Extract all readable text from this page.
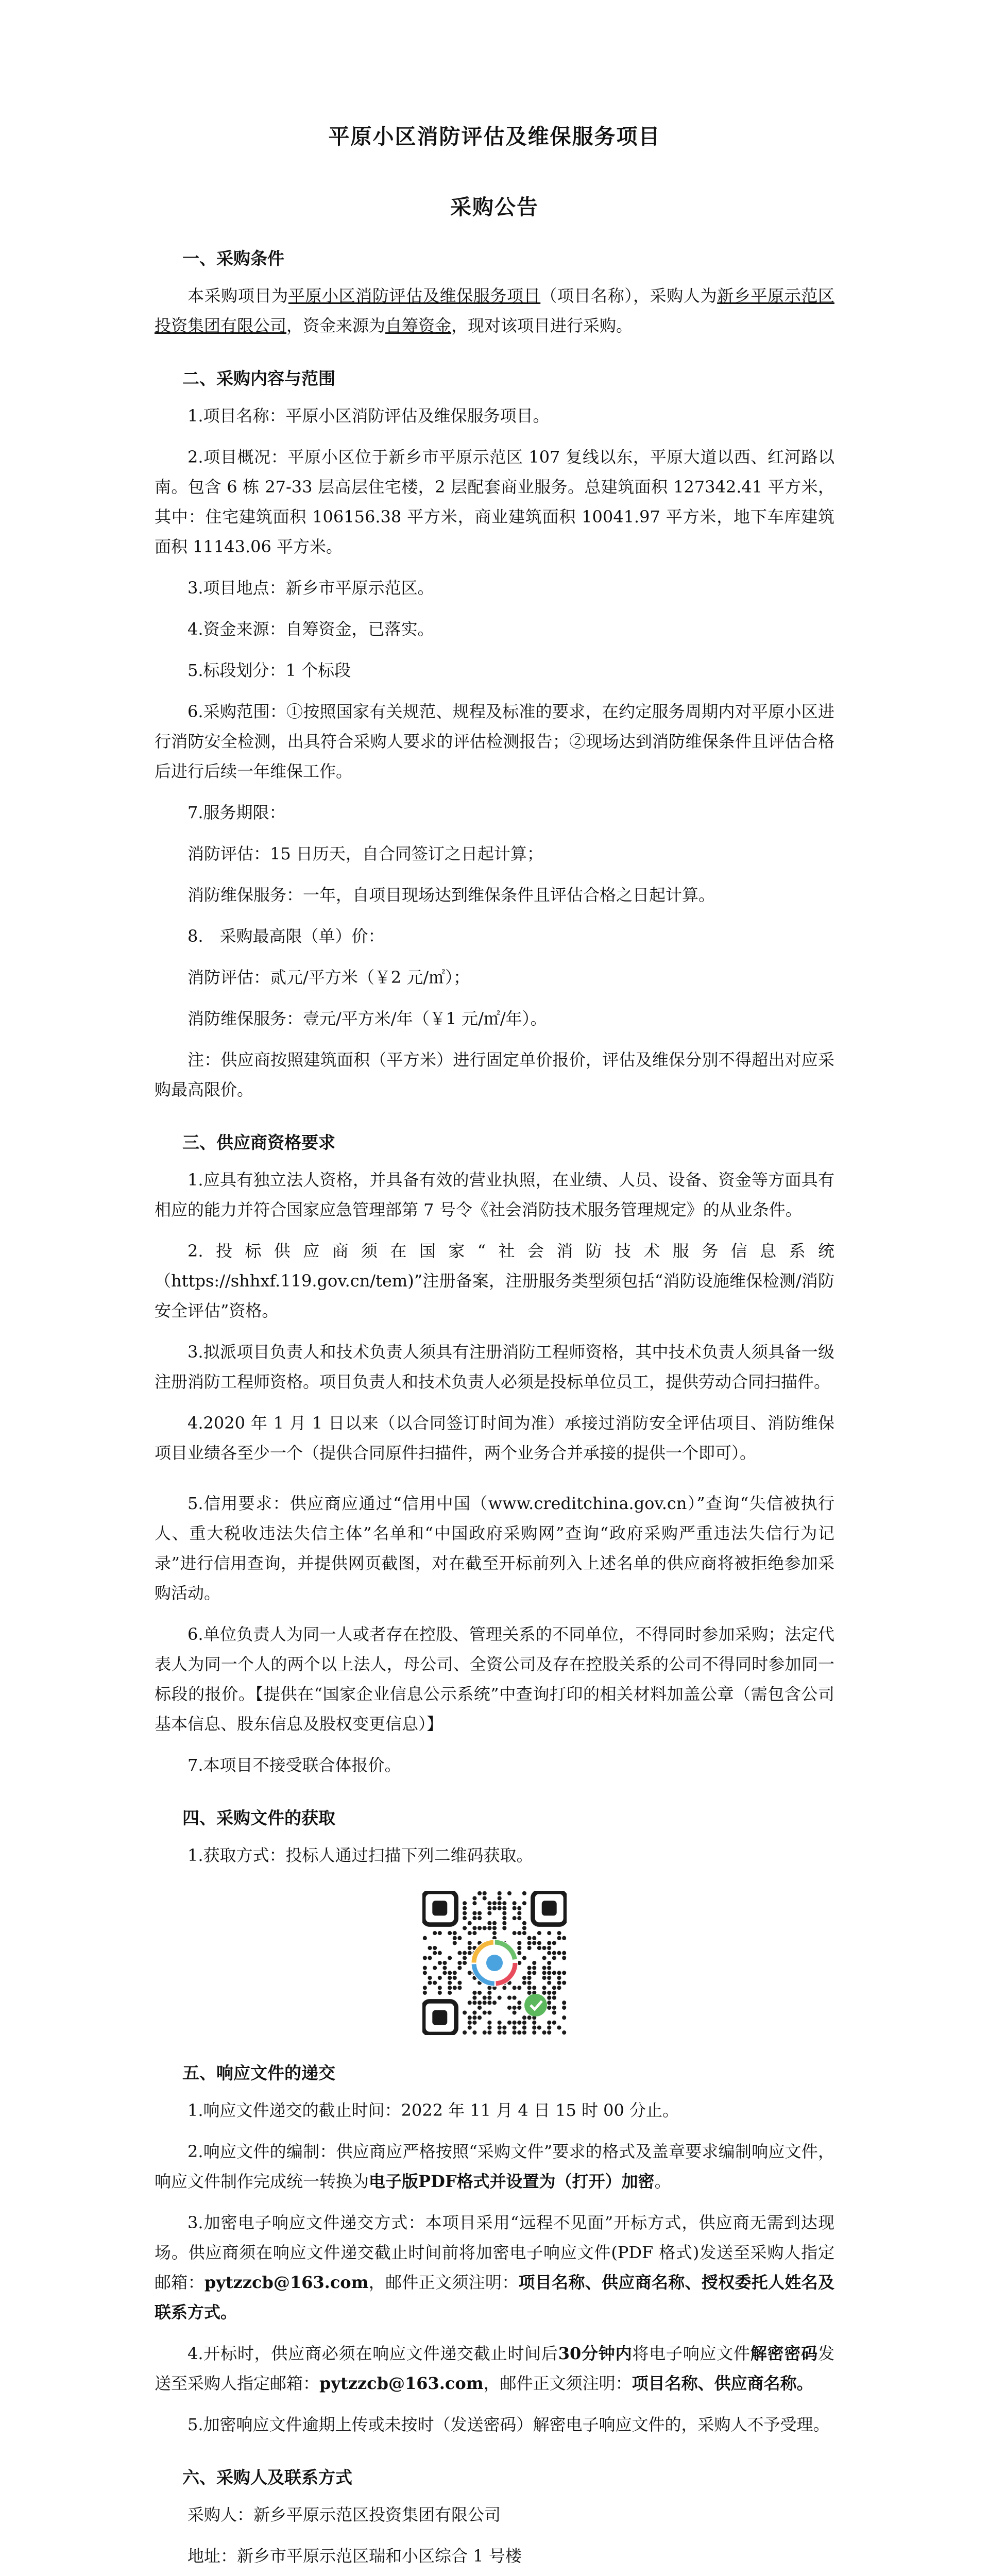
平原小区消防评估及维保服务项目
采购公告
一、采购条件

本采购项目为平原小区消防评估及维保服务项目（项目名称），采购人为新乡平原示范区投资集团有限公司，资金来源为自筹资金，现对该项目进行采购。

二、采购内容与范围

1.项目名称：平原小区消防评估及维保服务项目。

2.项目概况：平原小区位于新乡市平原示范区 107 复线以东，平原大道以西、红河路以南。包含 6 栋 27-33 层高层住宅楼，2 层配套商业服务。总建筑面积 127342.41 平方米，其中：住宅建筑面积 106156.38 平方米，商业建筑面积 10041.97 平方米，地下车库建筑面积 11143.06 平方米。

3.项目地点：新乡市平原示范区。

4.资金来源：自筹资金，已落实。

5.标段划分：1 个标段

6.采购范围：①按照国家有关规范、规程及标准的要求，在约定服务周期内对平原小区进行消防安全检测，出具符合采购人要求的评估检测报告；②现场达到消防维保条件且评估合格后进行后续一年维保工作。

7.服务期限：

消防评估：15 日历天，自合同签订之日起计算；

消防维保服务：一年，自项目现场达到维保条件且评估合格之日起计算。

8.　采购最高限（单）价：

消防评估：贰元/平方米（￥2 元/㎡）；

消防维保服务：壹元/平方米/年（￥1 元/㎡/年）。

注：供应商按照建筑面积（平方米）进行固定单价报价，评估及维保分别不得超出对应采购最高限价。

三、供应商资格要求

1.应具有独立法人资格，并具备有效的营业执照，在业绩、人员、设备、资金等方面具有相应的能力并符合国家应急管理部第 7 号令《社会消防技术服务管理规定》的从业条件。

2.投标供应商须在国家“社会消防技术服务信息系统（https://shhxf.119.gov.cn/tem)”注册备案，注册服务类型须包括“消防设施维保检测/消防安全评估”资格。

3.拟派项目负责人和技术负责人须具有注册消防工程师资格，其中技术负责人须具备一级注册消防工程师资格。项目负责人和技术负责人必须是投标单位员工，提供劳动合同扫描件。

4.2020 年 1 月 1 日以来（以合同签订时间为准）承接过消防安全评估项目、消防维保项目业绩各至少一个（提供合同原件扫描件，两个业务合并承接的提供一个即可）。

5.信用要求：供应商应通过“信用中国（www.creditchina.gov.cn）”查询“失信被执行人、重大税收违法失信主体”名单和“中国政府采购网”查询“政府采购严重违法失信行为记录”进行信用查询，并提供网页截图，对在截至开标前列入上述名单的供应商将被拒绝参加采购活动。

6.单位负责人为同一人或者存在控股、管理关系的不同单位，不得同时参加采购；法定代表人为同一个人的两个以上法人，母公司、全资公司及存在控股关系的公司不得同时参加同一标段的报价。【提供在“国家企业信息公示系统”中查询打印的相关材料加盖公章（需包含公司基本信息、股东信息及股权变更信息）】

7.本项目不接受联合体报价。

四、采购文件的获取

1.获取方式：投标人通过扫描下列二维码获取。

五、响应文件的递交

1.响应文件递交的截止时间：2022 年 11 月 4 日 15 时 00 分止。

2.响应文件的编制：供应商应严格按照“采购文件”要求的格式及盖章要求编制响应文件，响应文件制作完成统一转换为电子版PDF格式并设置为（打开）加密。

3.加密电子响应文件递交方式：本项目采用“远程不见面”开标方式，供应商无需到达现场。供应商须在响应文件递交截止时间前将加密电子响应文件(PDF 格式)发送至采购人指定邮箱：pytzzcb@163.com，邮件正文须注明：项目名称、供应商名称、授权委托人姓名及联系方式。

4.开标时，供应商必须在响应文件递交截止时间后30分钟内将电子响应文件解密密码发送至采购人指定邮箱：pytzzcb@163.com，邮件正文须注明：项目名称、供应商名称。

5.加密响应文件逾期上传或未按时（发送密码）解密电子响应文件的，采购人不予受理。

六、采购人及联系方式

采购人：新乡平原示范区投资集团有限公司

地址：新乡市平原示范区瑞和小区综合 1 号楼
